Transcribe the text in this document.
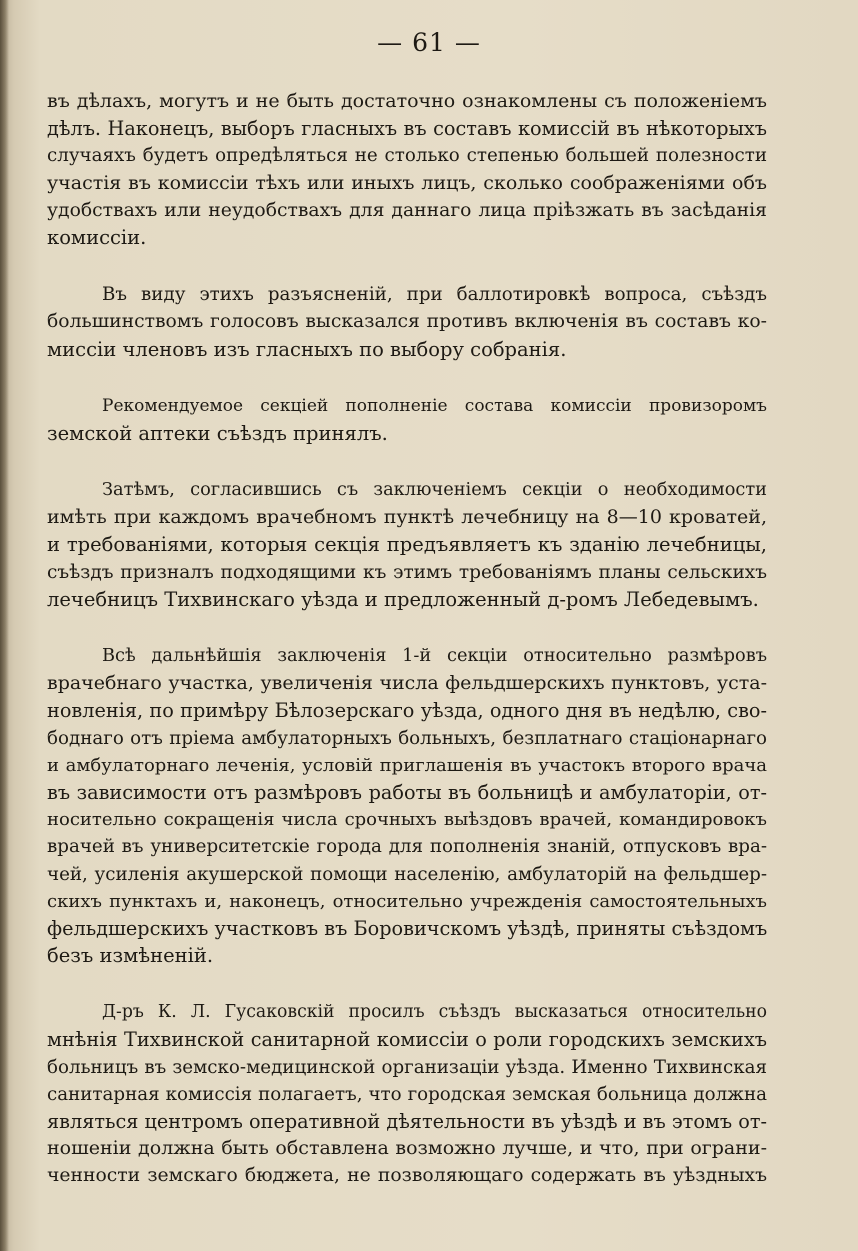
— 61 —

въ дѣлахъ, могутъ и не быть достаточно ознакомлены съ положенiемъ
дѣлъ. Наконецъ, выборъ гласныхъ въ составъ комиссiй въ нѣкоторыхъ
случаяхъ будетъ опредѣляться не столько степенью большей полезности
участiя въ комиссiи тѣхъ или иныхъ лицъ, сколько соображенiями объ
удобствахъ или неудобствахъ для даннаго лица прiѣзжать въ засѣданiя
комиссiи.

Въ виду этихъ разъясненiй, при баллотировкѣ вопроса, съѣздъ
большинствомъ голосовъ высказался противъ включенiя въ составъ ко-
миссiи членовъ изъ гласныхъ по выбору собранiя.

Рекомендуемое секцiей пополненiе состава комиссiи провизоромъ
земской аптеки съѣздъ принялъ.

Затѣмъ, согласившись съ заключенiемъ секцiи о необходимости
имѣть при каждомъ врачебномъ пунктѣ лечебницу на 8—10 кроватей,
и требованiями, которыя секцiя предъявляетъ къ зданiю лечебницы,
съѣздъ призналъ подходящими къ этимъ требованiямъ планы сельскихъ
лечебницъ Тихвинскаго уѣзда и предложенный д-ромъ Лебедевымъ.

Всѣ дальнѣйшiя заключенiя 1-й секцiи относительно размѣровъ
врачебнаго участка, увеличенiя числа фельдшерскихъ пунктовъ, уста-
новленiя, по примѣру Бѣлозерскаго уѣзда, одного дня въ недѣлю, сво-
боднаго отъ прiема амбулаторныхъ больныхъ, безплатнаго стацiонарнаго
и амбулаторнаго леченiя, условiй приглашенiя въ участокъ второго врача
въ зависимости отъ размѣровъ работы въ больницѣ и амбулаторiи, от-
носительно сокращенiя числа срочныхъ выѣздовъ врачей, командировокъ
врачей въ университетскiе города для пополненiя знанiй, отпусковъ вра-
чей, усиленiя акушерской помощи населенiю, амбулаторiй на фельдшер-
скихъ пунктахъ и, наконецъ, относительно учрежденiя самостоятельныхъ
фельдшерскихъ участковъ въ Боровичскомъ уѣздѣ, приняты съѣздомъ
безъ измѣненiй.

Д-ръ К. Л. Гусаковскiй просилъ съѣздъ высказаться относительно
мнѣнiя Тихвинской санитарной комиссiи о роли городскихъ земскихъ
больницъ въ земско-медицинской организацiи уѣзда. Именно Тихвинская
санитарная комиссiя полагаетъ, что городская земская больница должна
являться центромъ оперативной дѣятельности въ уѣздѣ и въ этомъ от-
ношенiи должна быть обставлена возможно лучше, и что, при ограни-
ченности земскаго бюджета, не позволяющаго содержать въ уѣздныхъ
